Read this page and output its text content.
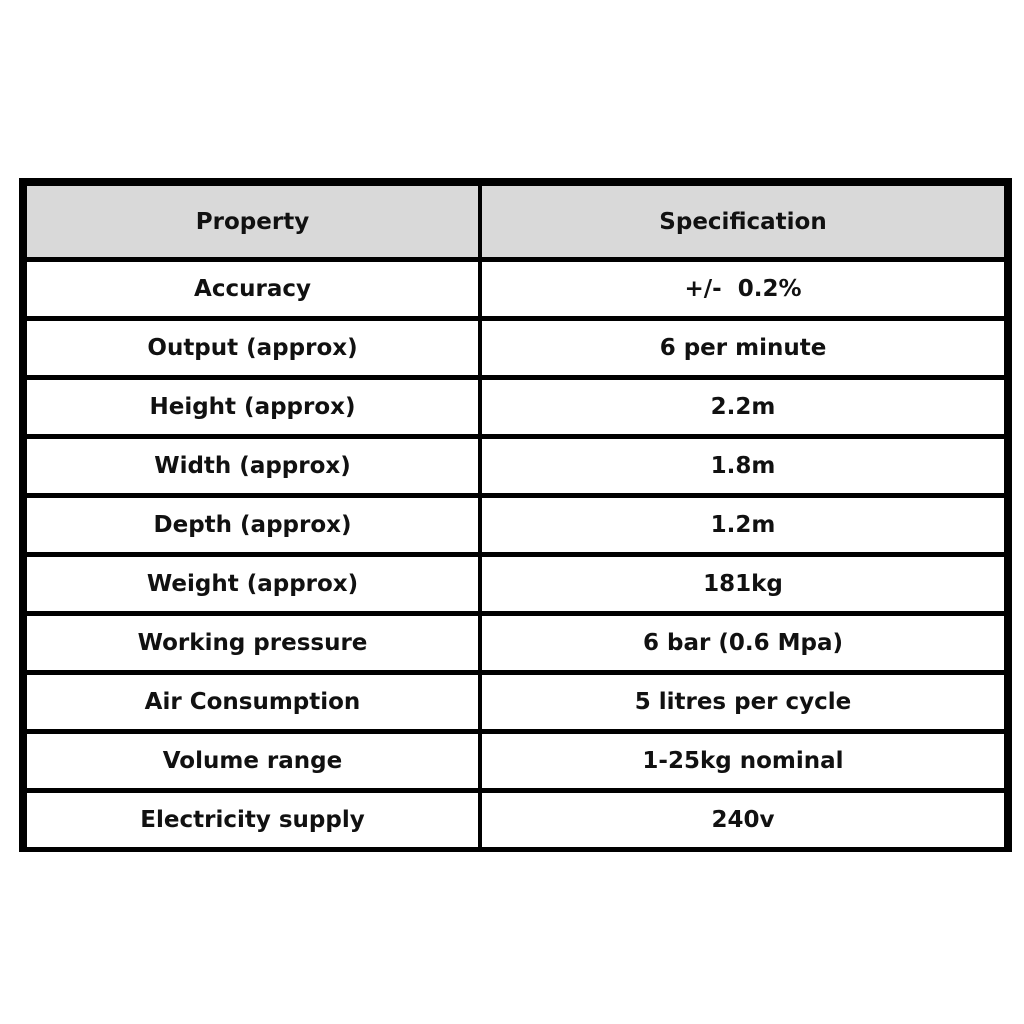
Property	Specification
Accuracy	+/-  0.2%
Output (approx)	6 per minute
Height (approx)	2.2m
Width (approx)	1.8m
Depth (approx)	1.2m
Weight (approx)	181kg
Working pressure	6 bar (0.6 Mpa)
Air Consumption	5 litres per cycle
Volume range	1-25kg nominal
Electricity supply	240v
